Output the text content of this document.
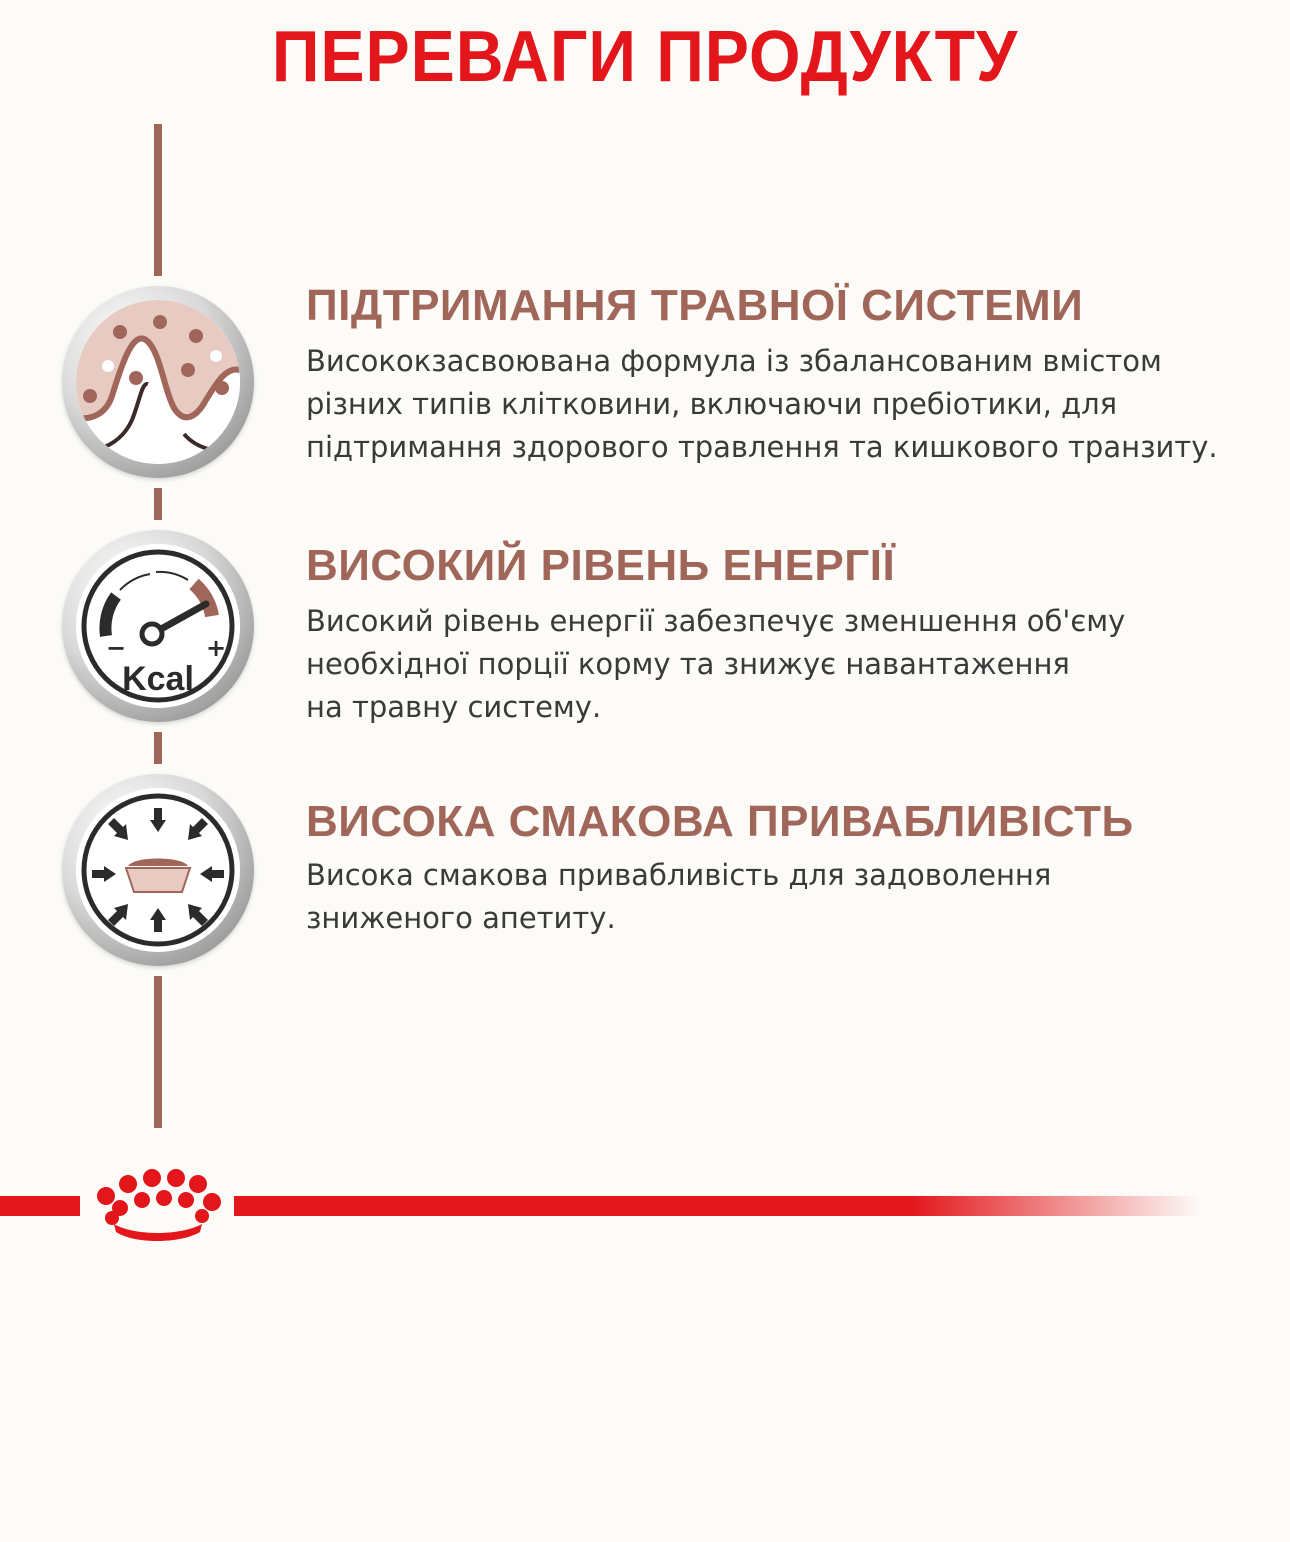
ПЕРЕВАГИ ПРОДУКТУ
ПІДТРИМАННЯ ТРАВНОЇ СИСТЕМИ
Висококзасвоювана формула із збалансованим вмістом
різних типів клітковини, включаючи пребіотики, для
підтримання здорового травлення та кишкового транзиту.
−	+
Kcal
ВИСОКИЙ РІВЕНЬ ЕНЕРГІЇ
Високий рівень енергії забезпечує зменшення об'єму
необхідної порції корму та знижує навантаження
на травну систему.
ВИСОКА СМАКОВА ПРИВАБЛИВІСТЬ
Висока смакова привабливість для задоволення
зниженого апетиту.
